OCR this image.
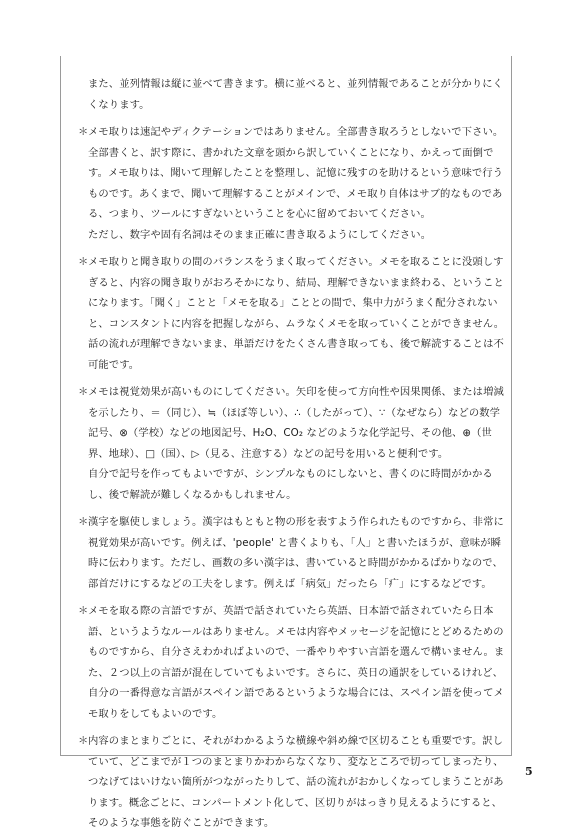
また、並列情報は縦に並べて書きます。横に並べると、並列情報であることが分かりにくくなります。

＊ メモ取りは速記やディクテーションではありません。全部書き取ろうとしないで下さい。全部書くと、訳す際に、書かれた文章を頭から訳していくことになり、かえって面倒です。メモ取りは、聞いて理解したことを整理し、記憶に残すのを助けるという意味で行うものです。あくまで、聞いて理解することがメインで、メモ取り自体はサブ的なものである、つまり、ツールにすぎないということを心に留めておいてください。

ただし、数字や固有名詞はそのまま正確に書き取るようにしてください。

＊ メモ取りと聞き取りの間のバランスをうまく取ってください。メモを取ることに没頭しすぎると、内容の聞き取りがおろそかになり、結局、理解できないまま終わる、ということになります。「聞く」ことと「メモを取る」こととの間で、集中力がうまく配分されないと、コンスタントに内容を把握しながら、ムラなくメモを取っていくことができません。話の流れが理解できないまま、単語だけをたくさん書き取っても、後で解読することは不可能です。

＊ メモは視覚効果が高いものにしてください。矢印を使って方向性や因果関係、または増減を示したり、＝（同じ）、≒（ほぼ等しい）、∴（したがって）、∵（なぜなら）などの数学記号、⊗（学校）などの地図記号、H₂O、CO₂ などのような化学記号、その他、⊕（世界、地球）、□（国）、▷（見る、注意する）などの記号を用いると便利です。

自分で記号を作ってもよいですが、シンプルなものにしないと、書くのに時間がかかるし、後で解読が難しくなるかもしれません。

＊ 漢字を駆使しましょう。漢字はもともと物の形を表すよう作られたものですから、非常に視覚効果が高いです。例えば、'people' と書くよりも、「人」と書いたほうが、意味が瞬時に伝わります。ただし、画数の多い漢字は、書いていると時間がかかるばかりなので、部首だけにするなどの工夫をします。例えば「病気」だったら「疒」にするなどです。

＊ メモを取る際の言語ですが、英語で話されていたら英語、日本語で話されていたら日本語、というようなルールはありません。メモは内容やメッセージを記憶にとどめるためのものですから、自分さえわかればよいので、一番やりやすい言語を選んで構いません。また、２つ以上の言語が混在していてもよいです。さらに、英日の通訳をしているけれど、自分の一番得意な言語がスペイン語であるというような場合には、スペイン語を使ってメモ取りをしてもよいのです。

＊ 内容のまとまりごとに、それがわかるような横線や斜め線で区切ることも重要です。訳していて、どこまでが１つのまとまりかわからなくなり、変なところで切ってしまったり、つなげてはいけない箇所がつながったりして、話の流れがおかしくなってしまうことがあります。概念ごとに、コンパートメント化して、区切りがはっきり見えるようにすると、そのような事態を防ぐことができます。

5
